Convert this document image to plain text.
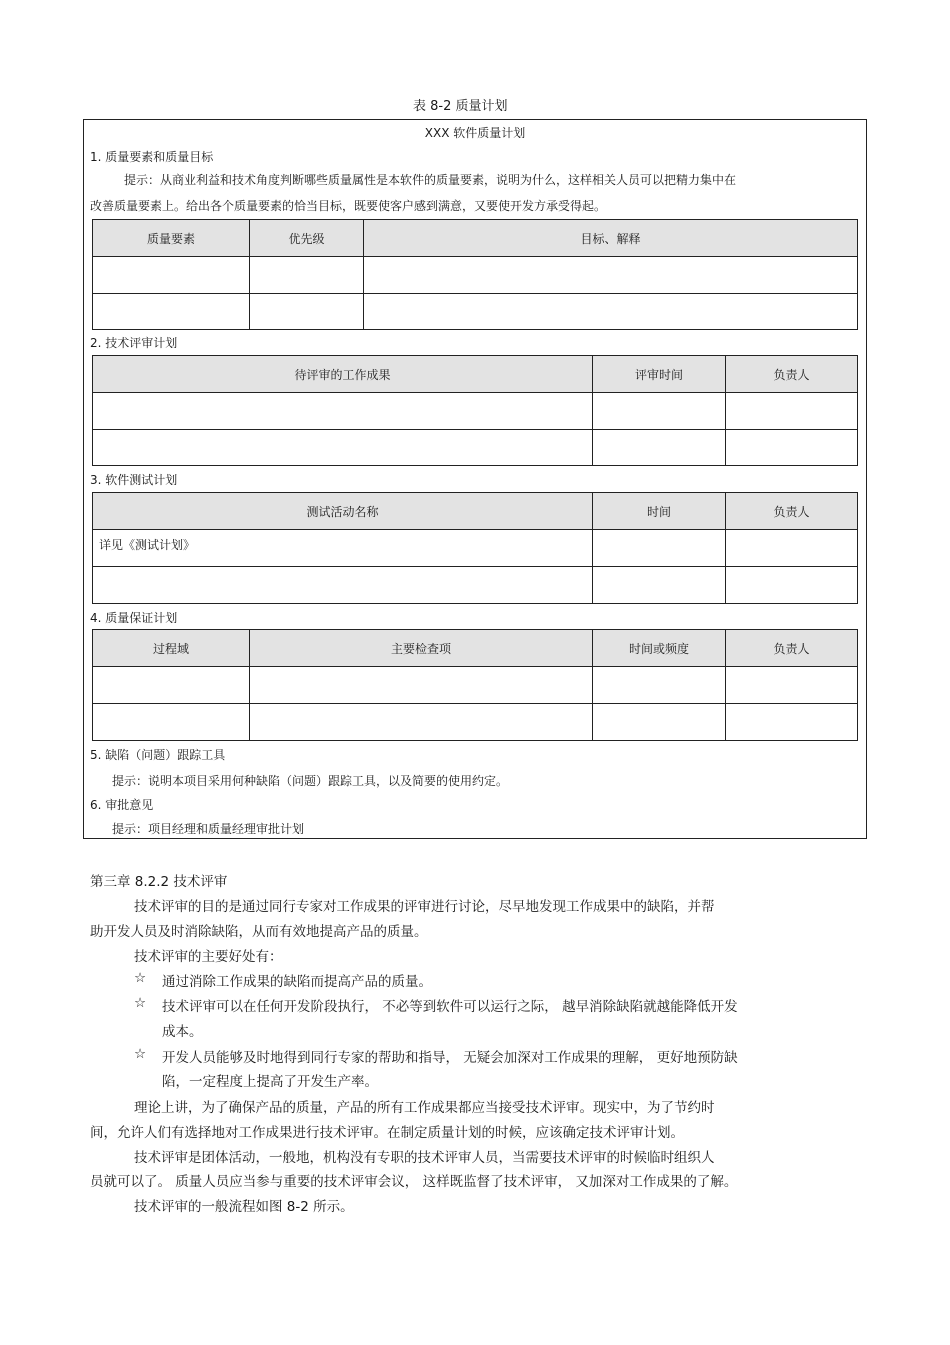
表 8-2 质量计划
XXX 软件质量计划
1. 质量要素和质量目标
提示：从商业利益和技术角度判断哪些质量属性是本软件的质量要素，说明为什么，这样相关人员可以把精力集中在
改善质量要素上。给出各个质量要素的恰当目标，既要使客户感到满意，又要使开发方承受得起。
质量要素	优先级	目标、解释

2. 技术评审计划
待评审的工作成果	评审时间	负责人

3. 软件测试计划
测试活动名称	时间	负责人
详见《测试计划》		

4. 质量保证计划
过程域	主要检查项	时间或频度	负责人

5. 缺陷（问题）跟踪工具
提示：说明本项目采用何种缺陷（问题）跟踪工具，以及简要的使用约定。
6. 审批意见
提示：项目经理和质量经理审批计划
第三章 8.2.2 技术评审
技术评审的目的是通过同行专家对工作成果的评审进行讨论，尽早地发现工作成果中的缺陷，并帮
助开发人员及时消除缺陷，从而有效地提高产品的质量。
技术评审的主要好处有：
☆ 通过消除工作成果的缺陷而提高产品的质量。
☆ 技术评审可以在任何开发阶段执行， 不必等到软件可以运行之际， 越早消除缺陷就越能降低开发
成本。
☆ 开发人员能够及时地得到同行专家的帮助和指导， 无疑会加深对工作成果的理解， 更好地预防缺
陷，一定程度上提高了开发生产率。
理论上讲，为了确保产品的质量，产品的所有工作成果都应当接受技术评审。现实中，为了节约时
间，允许人们有选择地对工作成果进行技术评审。在制定质量计划的时候，应该确定技术评审计划。
技术评审是团体活动，一般地，机构没有专职的技术评审人员，当需要技术评审的时候临时组织人
员就可以了。 质量人员应当参与重要的技术评审会议， 这样既监督了技术评审， 又加深对工作成果的了解。
技术评审的一般流程如图 8-2 所示。
